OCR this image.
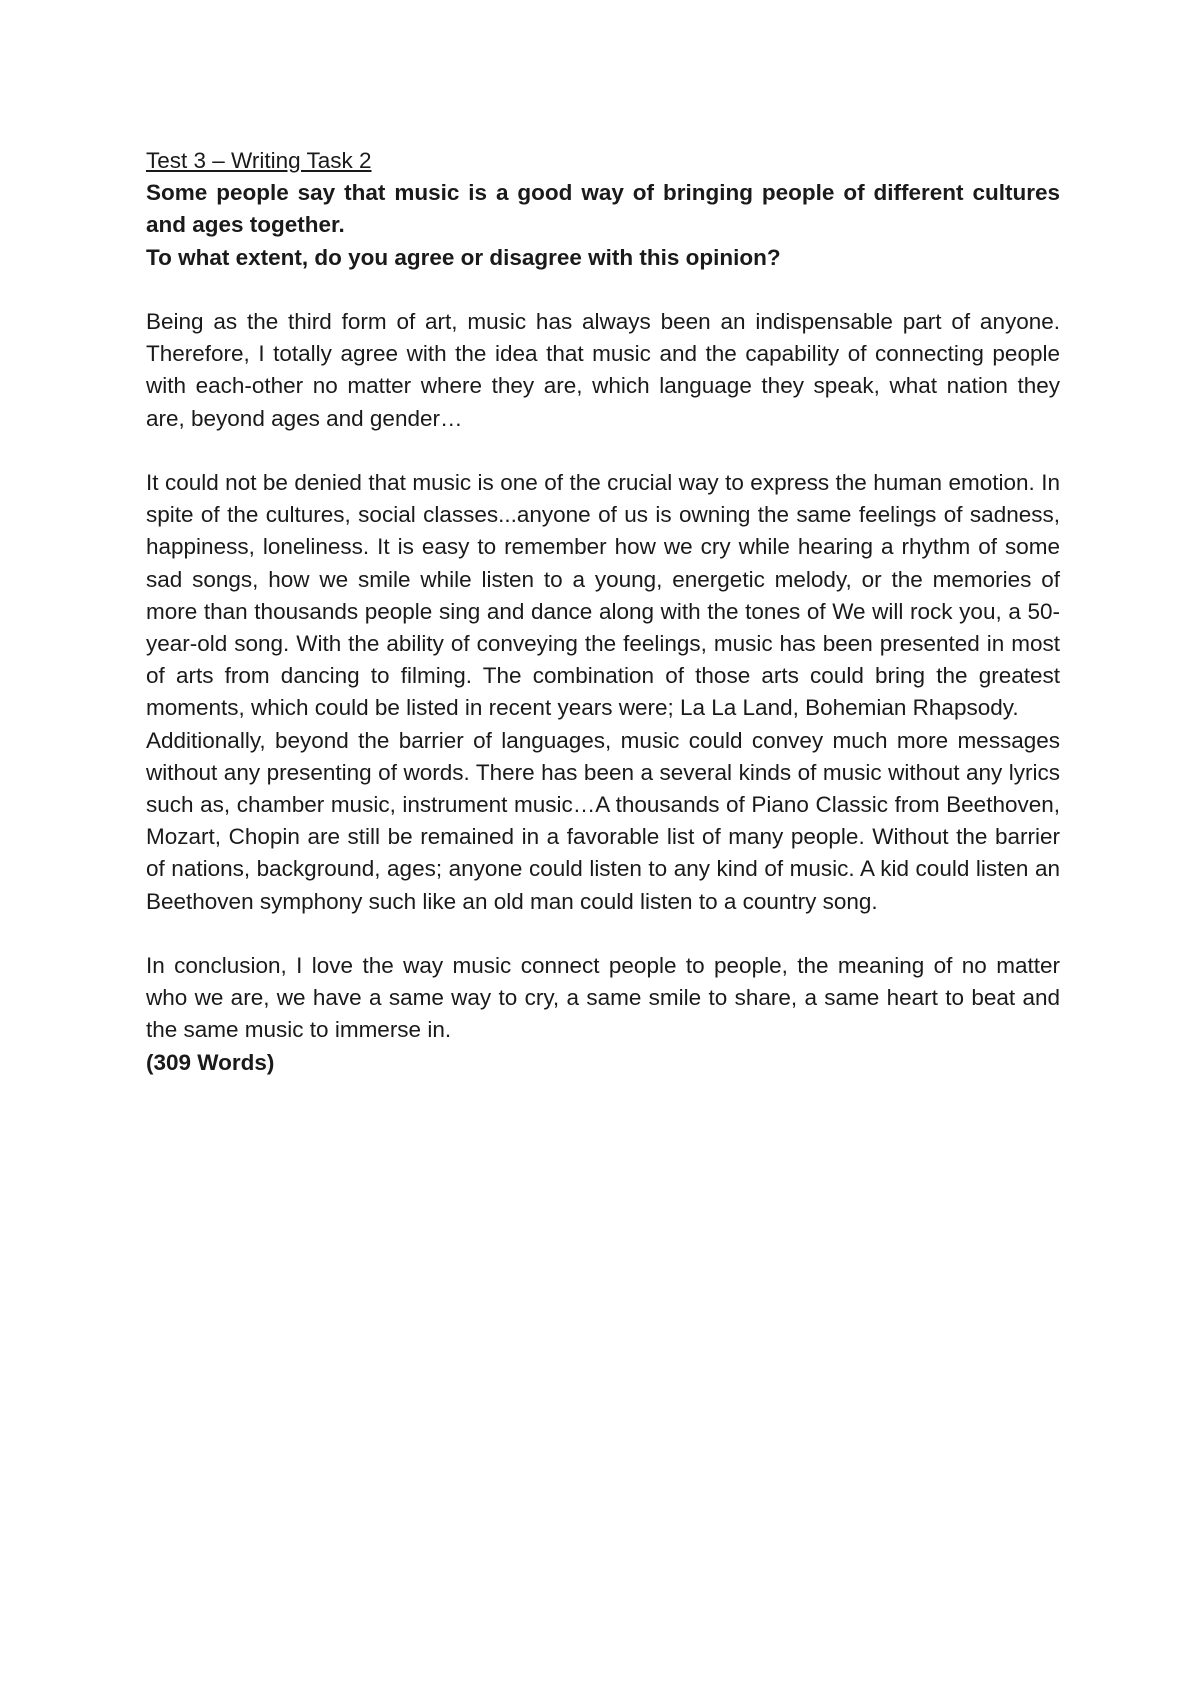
Test 3 – Writing Task 2

Some people say that music is a good way of bringing people of different cultures and ages together.

To what extent, do you agree or disagree with this opinion?

Being as the third form of art, music has always been an indispensable part of anyone. Therefore, I totally agree with the idea that music and the capability of connecting people with each-other no matter where they are, which language they speak, what nation they are, beyond ages and gender…

It could not be denied that music is one of the crucial way to express the human emotion. In spite of the cultures, social classes...anyone of us is owning the same feelings of sadness, happiness, loneliness. It is easy to remember how we cry while hearing a rhythm of some sad songs, how we smile while listen to a young, energetic melody, or the memories of more than thousands people sing and dance along with the tones of We will rock you, a 50-year-old song. With the ability of conveying the feelings, music has been presented in most of arts from dancing to filming. The combination of those arts could bring the greatest moments, which could be listed in recent years were; La La Land, Bohemian Rhapsody.

Additionally, beyond the barrier of languages, music could convey much more messages without any presenting of words. There has been a several kinds of music without any lyrics such as, chamber music, instrument music…A thousands of Piano Classic from Beethoven, Mozart, Chopin are still be remained in a favorable list of many people. Without the barrier of nations, background, ages; anyone could listen to any kind of music. A kid could listen an Beethoven symphony such like an old man could listen to a country song.

In conclusion, I love the way music connect people to people, the meaning of no matter who we are, we have a same way to cry, a same smile to share, a same heart to beat and the same music to immerse in.

(309 Words)
